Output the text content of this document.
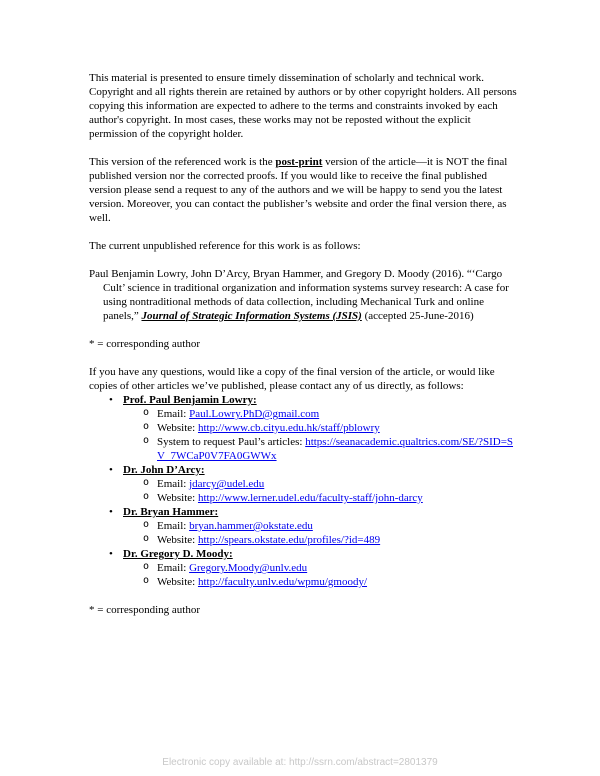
This material is presented to ensure timely dissemination of scholarly and technical work. Copyright and all rights therein are retained by authors or by other copyright holders. All persons copying this information are expected to adhere to the terms and constraints invoked by each author's copyright. In most cases, these works may not be reposted without the explicit permission of the copyright holder.

This version of the referenced work is the post-print version of the article—it is NOT the final published version nor the corrected proofs. If you would like to receive the final published version please send a request to any of the authors and we will be happy to send you the latest version. Moreover, you can contact the publisher’s website and order the final version there, as well.

The current unpublished reference for this work is as follows:

Paul Benjamin Lowry, John D’Arcy, Bryan Hammer, and Gregory D. Moody (2016). “‘Cargo Cult’ science in traditional organization and information systems survey research: A case for using nontraditional methods of data collection, including Mechanical Turk and online panels,” Journal of Strategic Information Systems (JSIS) (accepted 25-June-2016)

* = corresponding author

If you have any questions, would like a copy of the final version of the article, or would like copies of other articles we’ve published, please contact any of us directly, as follows:

• Prof. Paul Benjamin Lowry:
o Email: Paul.Lowry.PhD@gmail.com
o Website: http://www.cb.cityu.edu.hk/staff/pblowry
o System to request Paul’s articles: https://seanacademic.qualtrics.com/SE/?SID=SV_7WCaP0V7FA0GWWx
• Dr. John D’Arcy:
o Email: jdarcy@udel.edu
o Website: http://www.lerner.udel.edu/faculty-staff/john-darcy
• Dr. Bryan Hammer:
o Email: bryan.hammer@okstate.edu
o Website: http://spears.okstate.edu/profiles/?id=489
• Dr. Gregory D. Moody:
o Email: Gregory.Moody@unlv.edu
o Website: http://faculty.unlv.edu/wpmu/gmoody/

* = corresponding author

Electronic copy available at: http://ssrn.com/abstract=2801379
